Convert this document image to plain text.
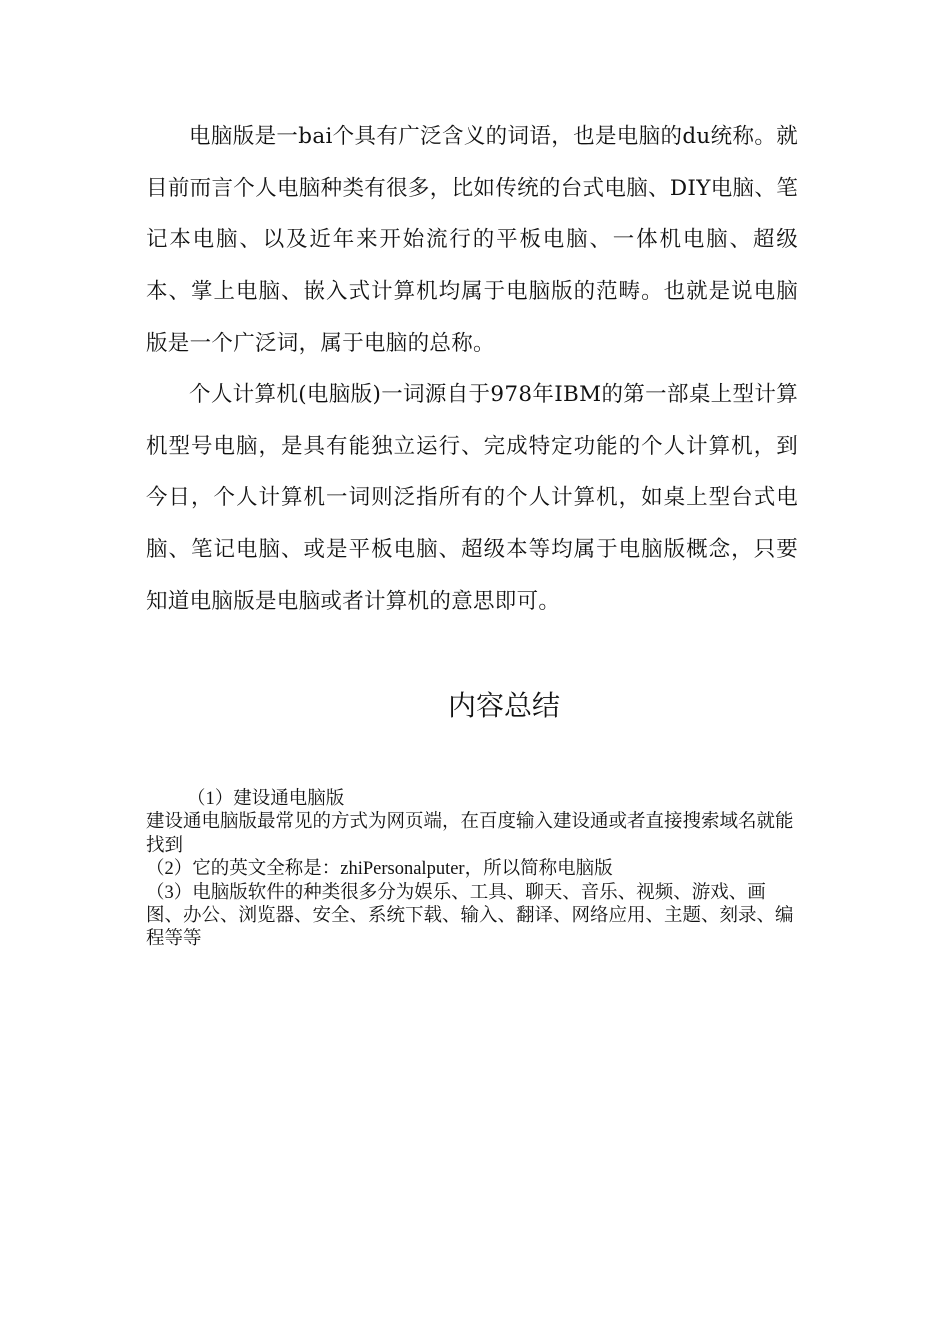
电脑版是一bai个具有广泛含义的词语，也是电脑的du统称。就目前而言个人电脑种类有很多，比如传统的台式电脑、DIY电脑、笔记本电脑、以及近年来开始流行的平板电脑、一体机电脑、超级本、掌上电脑、嵌入式计算机均属于电脑版的范畴。也就是说电脑版是一个广泛词，属于电脑的总称。

个人计算机(电脑版)一词源自于978年IBM的第一部桌上型计算机型号电脑，是具有能独立运行、完成特定功能的个人计算机，到今日，个人计算机一词则泛指所有的个人计算机，如桌上型台式电脑、笔记电脑、或是平板电脑、超级本等均属于电脑版概念，只要知道电脑版是电脑或者计算机的意思即可。

内容总结

（1）建设通电脑版

建设通电脑版最常见的方式为网页端，在百度输入建设通或者直接搜索域名就能找到

（2）它的英文全称是：zhiPersonalputer，所以简称电脑版

（3）电脑版软件的种类很多分为娱乐、工具、聊天、音乐、视频、游戏、画图、办公、浏览器、安全、系统下载、输入、翻译、网络应用、主题、刻录、编程等等
